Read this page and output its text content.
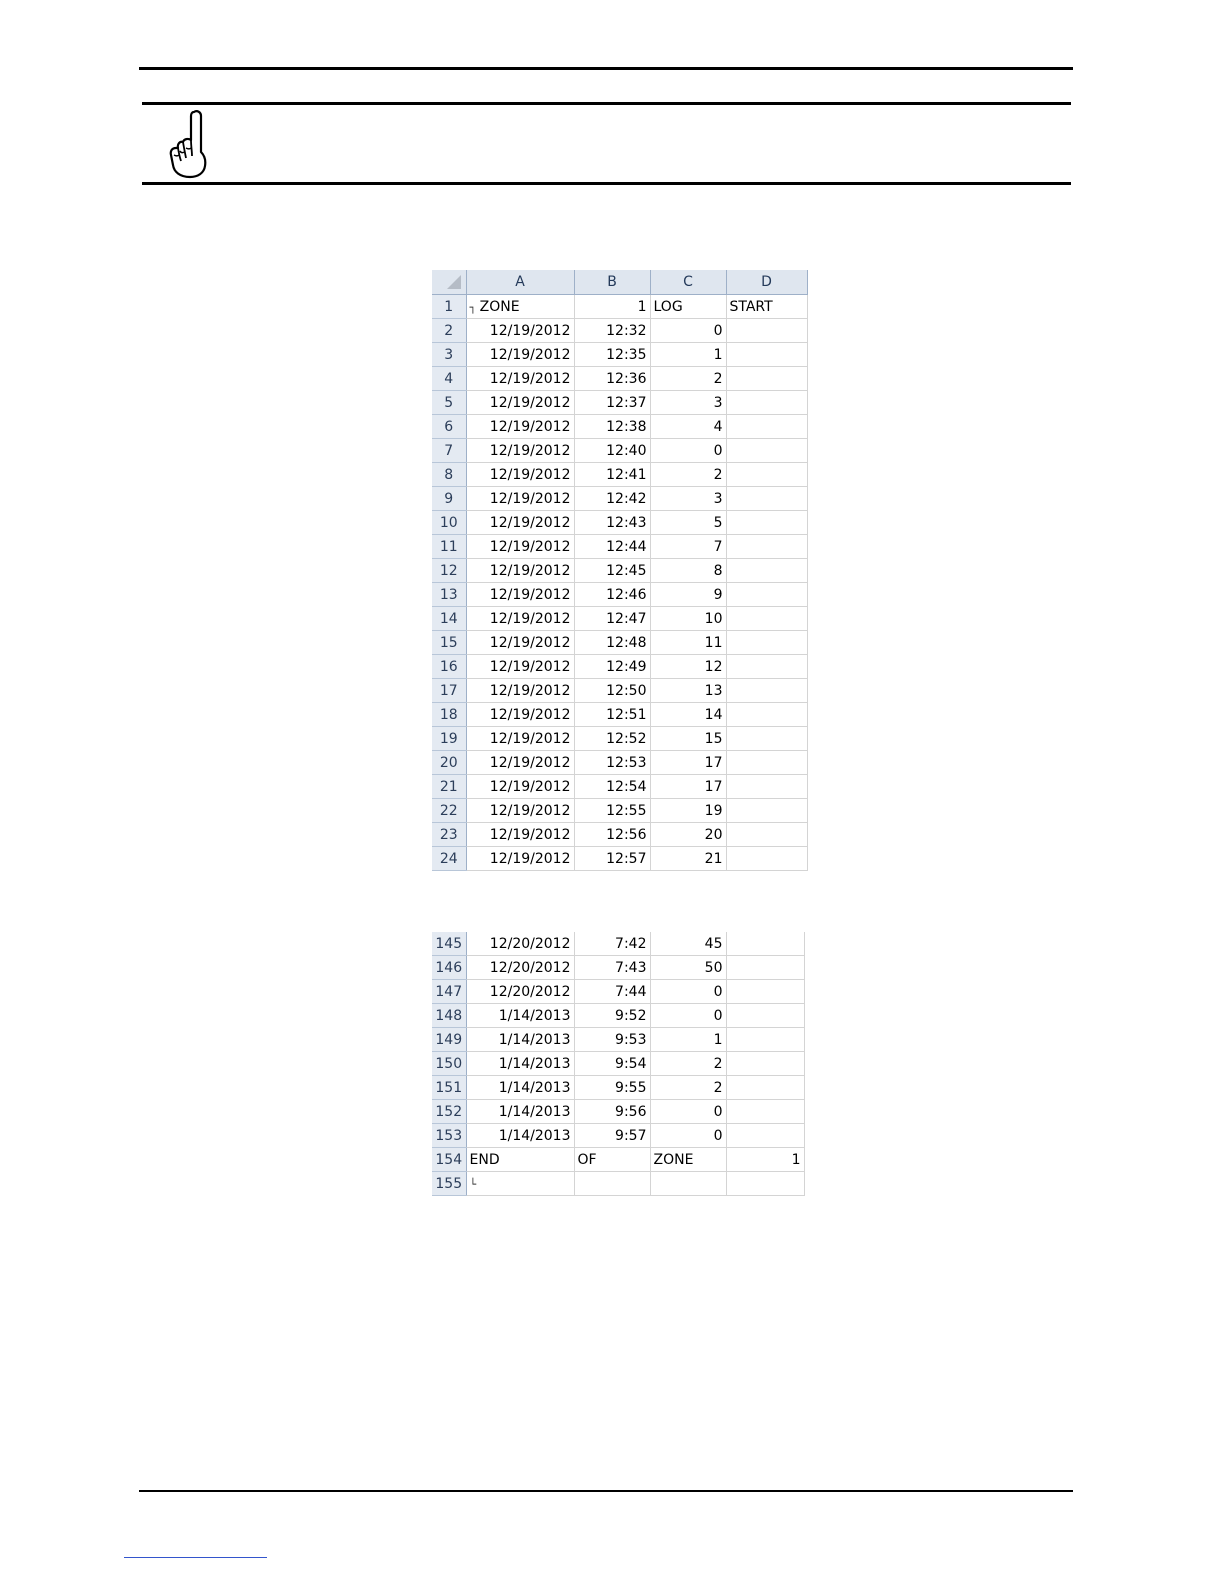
	A	B	C	D
1	┐ ZONE	1	LOG	START
2	12/19/2012	12:32	0	
3	12/19/2012	12:35	1	
4	12/19/2012	12:36	2	
5	12/19/2012	12:37	3	
6	12/19/2012	12:38	4	
7	12/19/2012	12:40	0	
8	12/19/2012	12:41	2	
9	12/19/2012	12:42	3	
10	12/19/2012	12:43	5	
11	12/19/2012	12:44	7	
12	12/19/2012	12:45	8	
13	12/19/2012	12:46	9	
14	12/19/2012	12:47	10	
15	12/19/2012	12:48	11	
16	12/19/2012	12:49	12	
17	12/19/2012	12:50	13	
18	12/19/2012	12:51	14	
19	12/19/2012	12:52	15	
20	12/19/2012	12:53	17	
21	12/19/2012	12:54	17	
22	12/19/2012	12:55	19	
23	12/19/2012	12:56	20	
24	12/19/2012	12:57	21	
145	12/20/2012	7:42	45	
146	12/20/2012	7:43	50	
147	12/20/2012	7:44	0	
148	1/14/2013	9:52	0	
149	1/14/2013	9:53	1	
150	1/14/2013	9:54	2	
151	1/14/2013	9:55	2	
152	1/14/2013	9:56	0	
153	1/14/2013	9:57	0	
154	END	OF	ZONE	1
155	└			
